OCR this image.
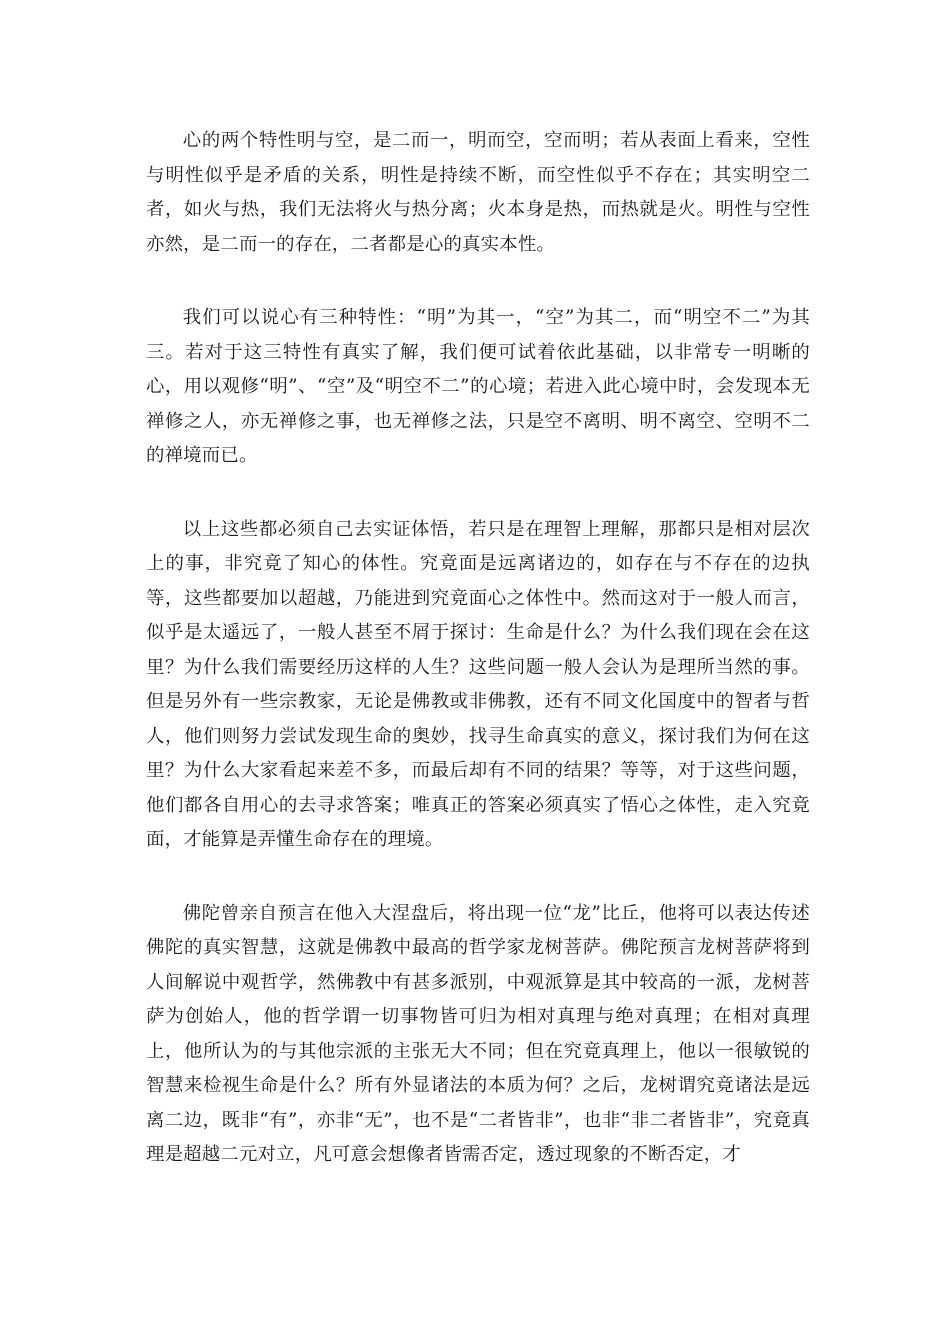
心的两个特性明与空，是二而一，明而空，空而明；若从表面上看来，空性与明性似乎是矛盾的关系，明性是持续不断，而空性似乎不存在；其实明空二者，如火与热，我们无法将火与热分离；火本身是热，而热就是火。明性与空性亦然，是二而一的存在，二者都是心的真实本性。

我们可以说心有三种特性：“明”为其一，“空”为其二，而“明空不二”为其三。若对于这三特性有真实了解，我们便可试着依此基础，以非常专一明晰的心，用以观修“明”、“空”及“明空不二”的心境；若进入此心境中时，会发现本无禅修之人，亦无禅修之事，也无禅修之法，只是空不离明、明不离空、空明不二的禅境而已。

以上这些都必须自己去实证体悟，若只是在理智上理解，那都只是相对层次上的事，非究竟了知心的体性。究竟面是远离诸边的，如存在与不存在的边执等，这些都要加以超越，乃能进到究竟面心之体性中。然而这对于一般人而言，似乎是太遥远了，一般人甚至不屑于探讨：生命是什么？为什么我们现在会在这里？为什么我们需要经历这样的人生？这些问题一般人会认为是理所当然的事。但是另外有一些宗教家，无论是佛教或非佛教，还有不同文化国度中的智者与哲人，他们则努力尝试发现生命的奥妙，找寻生命真实的意义，探讨我们为何在这里？为什么大家看起来差不多，而最后却有不同的结果？等等，对于这些问题，他们都各自用心的去寻求答案；唯真正的答案必须真实了悟心之体性，走入究竟面，才能算是弄懂生命存在的理境。

佛陀曾亲自预言在他入大涅盘后，将出现一位“龙”比丘，他将可以表达传述佛陀的真实智慧，这就是佛教中最高的哲学家龙树菩萨。佛陀预言龙树菩萨将到人间解说中观哲学，然佛教中有甚多派别，中观派算是其中较高的一派，龙树菩萨为创始人，他的哲学谓一切事物皆可归为相对真理与绝对真理；在相对真理上，他所认为的与其他宗派的主张无大不同；但在究竟真理上，他以一很敏锐的智慧来检视生命是什么？所有外显诸法的本质为何？之后，龙树谓究竟诸法是远离二边，既非“有”，亦非“无”，也不是“二者皆非”，也非“非二者皆非”，究竟真理是超越二元对立，凡可意会想像者皆需否定，透过现象的不断否定，才
